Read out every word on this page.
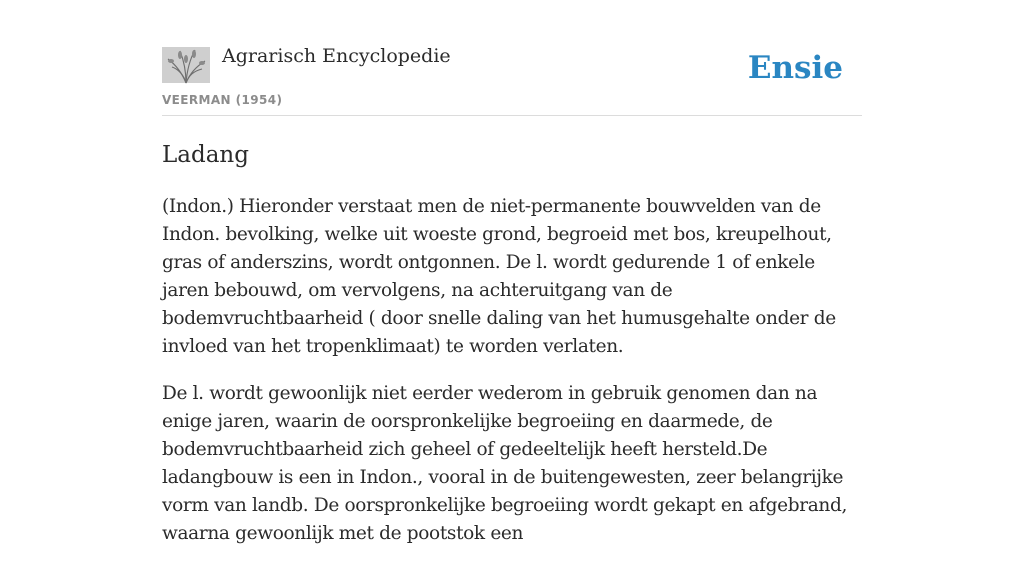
Agrarisch Encyclopedie
VEERMAN (1954)
Ensie
Ladang

(Indon.) Hieronder verstaat men de niet-permanente bouwvelden van de Indon. bevolking, welke uit woeste grond, begroeid met bos, kreupelhout, gras of anderszins, wordt ontgonnen. De l. wordt gedurende 1 of enkele jaren bebouwd, om vervolgens, na achteruitgang van de bodemvruchtbaarheid ( door snelle daling van het humusgehalte onder de invloed van het tropenklimaat) te worden verlaten.

De l. wordt gewoonlijk niet eerder wederom in gebruik genomen dan na enige jaren, waarin de oorspronkelijke begroeiing en daarmede, de bodemvruchtbaarheid zich geheel of gedeeltelijk heeft hersteld.De ladangbouw is een in Indon., vooral in de buitengewesten, zeer belangrijke vorm van landb. De oorspronkelijke begroeiing wordt gekapt en afgebrand, waarna gewoonlijk met de pootstok een
